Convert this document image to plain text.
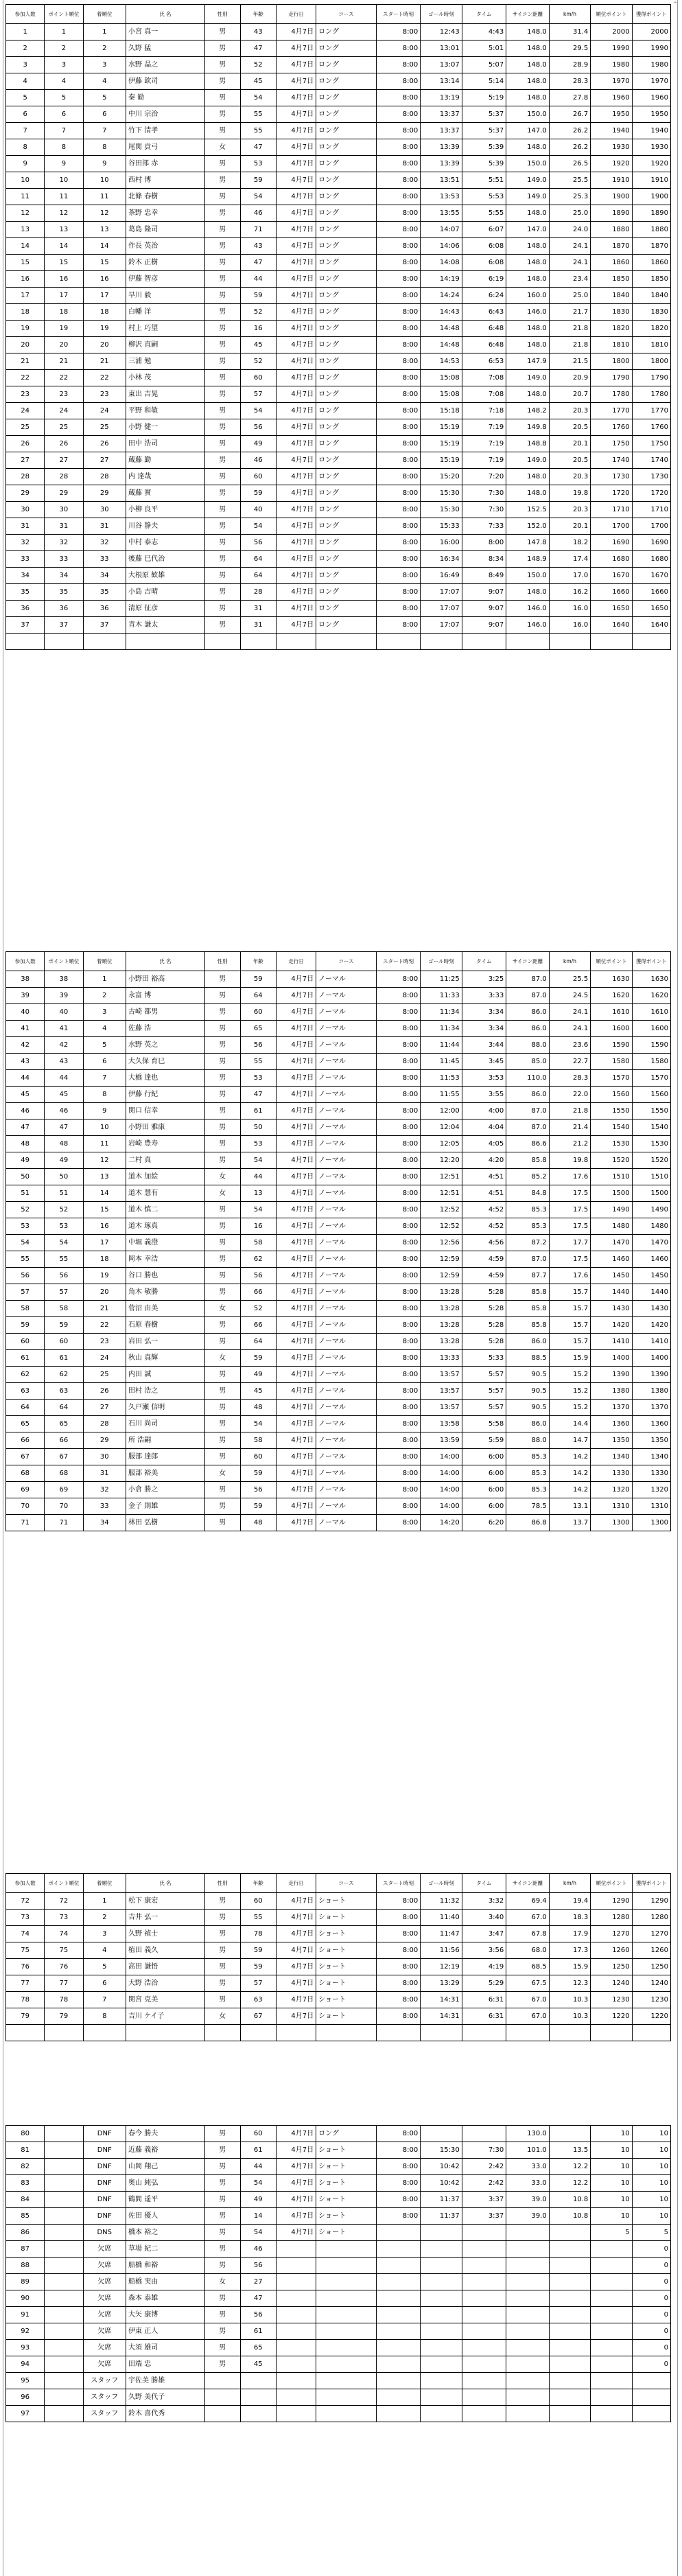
⌃
参加人数	ポイント順位	着順位	氏 名	性別	年齢	走行日	コース	スタート時刻	ゴール時刻	タイム	サイコン距離	km/h	順位ポイント	獲得ポイント
1	1	1	小宮 真一	男	43	4月7日	ロング	8:00	12:43	4:43	148.0	31.4	2000	2000
2	2	2	久野 猛	男	47	4月7日	ロング	8:00	13:01	5:01	148.0	29.5	1990	1990
3	3	3	水野 晶之	男	52	4月7日	ロング	8:00	13:07	5:07	148.0	28.9	1980	1980
4	4	4	伊藤 欽司	男	45	4月7日	ロング	8:00	13:14	5:14	148.0	28.3	1970	1970
5	5	5	秦 勧	男	54	4月7日	ロング	8:00	13:19	5:19	148.0	27.8	1960	1960
6	6	6	中川 宗治	男	55	4月7日	ロング	8:00	13:37	5:37	150.0	26.7	1950	1950
7	7	7	竹下 清孝	男	55	4月7日	ロング	8:00	13:37	5:37	147.0	26.2	1940	1940
8	8	8	尾関 貢弓	女	47	4月7日	ロング	8:00	13:39	5:39	148.0	26.2	1930	1930
9	9	9	谷田部 赤	男	53	4月7日	ロング	8:00	13:39	5:39	150.0	26.5	1920	1920
10	10	10	西村 博	男	59	4月7日	ロング	8:00	13:51	5:51	149.0	25.5	1910	1910
11	11	11	北條 春樹	男	54	4月7日	ロング	8:00	13:53	5:53	149.0	25.3	1900	1900
12	12	12	茶野 忠幸	男	46	4月7日	ロング	8:00	13:55	5:55	148.0	25.0	1890	1890
13	13	13	葛島 隆司	男	71	4月7日	ロング	8:00	14:07	6:07	147.0	24.0	1880	1880
14	14	14	作長 英治	男	43	4月7日	ロング	8:00	14:06	6:08	148.0	24.1	1870	1870
15	15	15	鈴木 正樹	男	47	4月7日	ロング	8:00	14:08	6:08	148.0	24.1	1860	1860
16	16	16	伊藤 智彦	男	44	4月7日	ロング	8:00	14:19	6:19	148.0	23.4	1850	1850
17	17	17	早川 毅	男	59	4月7日	ロング	8:00	14:24	6:24	160.0	25.0	1840	1840
18	18	18	白幡 洋	男	52	4月7日	ロング	8:00	14:43	6:43	146.0	21.7	1830	1830
19	19	19	村上 巧望	男	16	4月7日	ロング	8:00	14:48	6:48	148.0	21.8	1820	1820
20	20	20	柳沢 直嗣	男	45	4月7日	ロング	8:00	14:48	6:48	148.0	21.8	1810	1810
21	21	21	三浦 勉	男	52	4月7日	ロング	8:00	14:53	6:53	147.9	21.5	1800	1800
22	22	22	小林 茂	男	60	4月7日	ロング	8:00	15:08	7:08	149.0	20.9	1790	1790
23	23	23	東出 吉晃	男	57	4月7日	ロング	8:00	15:08	7:08	148.0	20.7	1780	1780
24	24	24	平野 和敏	男	54	4月7日	ロング	8:00	15:18	7:18	148.2	20.3	1770	1770
25	25	25	小野 健一	男	56	4月7日	ロング	8:00	15:19	7:19	149.8	20.5	1760	1760
26	26	26	田中 浩司	男	49	4月7日	ロング	8:00	15:19	7:19	148.8	20.1	1750	1750
27	27	27	蔵藤 勤	男	46	4月7日	ロング	8:00	15:19	7:19	149.0	20.5	1740	1740
28	28	28	内 達哉	男	60	4月7日	ロング	8:00	15:20	7:20	148.0	20.3	1730	1730
29	29	29	蔵藤 實	男	59	4月7日	ロング	8:00	15:30	7:30	148.0	19.8	1720	1720
30	30	30	小柳 良平	男	40	4月7日	ロング	8:00	15:30	7:30	152.5	20.3	1710	1710
31	31	31	川谷 静夫	男	54	4月7日	ロング	8:00	15:33	7:33	152.0	20.1	1700	1700
32	32	32	中村 泰志	男	56	4月7日	ロング	8:00	16:00	8:00	147.8	18.2	1690	1690
33	33	33	後藤 巳代治	男	64	4月7日	ロング	8:00	16:34	8:34	148.9	17.4	1680	1680
34	34	34	大根原 歓雄	男	64	4月7日	ロング	8:00	16:49	8:49	150.0	17.0	1670	1670
35	35	35	小島 吉晴	男	28	4月7日	ロング	8:00	17:07	9:07	148.0	16.2	1660	1660
36	36	36	清原 征彦	男	31	4月7日	ロング	8:00	17:07	9:07	146.0	16.0	1650	1650
37	37	37	青木 謙太	男	31	4月7日	ロング	8:00	17:07	9:07	146.0	16.0	1640	1640

参加人数	ポイント順位	着順位	氏 名	性別	年齢	走行日	コース	スタート時刻	ゴール時刻	タイム	サイコン距離	km/h	順位ポイント	獲得ポイント
38	38	1	小野田 裕高	男	59	4月7日	ノーマル	8:00	11:25	3:25	87.0	25.5	1630	1630
39	39	2	永富 博	男	64	4月7日	ノーマル	8:00	11:33	3:33	87.0	24.5	1620	1620
40	40	3	古崎 都男	男	60	4月7日	ノーマル	8:00	11:34	3:34	86.0	24.1	1610	1610
41	41	4	佐藤 浩	男	65	4月7日	ノーマル	8:00	11:34	3:34	86.0	24.1	1600	1600
42	42	5	水野 英之	男	56	4月7日	ノーマル	8:00	11:44	3:44	88.0	23.6	1590	1590
43	43	6	大久保 育巳	男	55	4月7日	ノーマル	8:00	11:45	3:45	85.0	22.7	1580	1580
44	44	7	大橋 達也	男	53	4月7日	ノーマル	8:00	11:53	3:53	110.0	28.3	1570	1570
45	45	8	伊藤 行紀	男	47	4月7日	ノーマル	8:00	11:55	3:55	86.0	22.0	1560	1560
46	46	9	関口 信幸	男	61	4月7日	ノーマル	8:00	12:00	4:00	87.0	21.8	1550	1550
47	47	10	小野田 雅康	男	50	4月7日	ノーマル	8:00	12:04	4:04	87.0	21.4	1540	1540
48	48	11	岩崎 豊寿	男	53	4月7日	ノーマル	8:00	12:05	4:05	86.6	21.2	1530	1530
49	49	12	二村 真	男	54	4月7日	ノーマル	8:00	12:20	4:20	85.8	19.8	1520	1520
50	50	13	道木 加絵	女	44	4月7日	ノーマル	8:00	12:51	4:51	85.2	17.6	1510	1510
51	51	14	道木 慧有	女	13	4月7日	ノーマル	8:00	12:51	4:51	84.8	17.5	1500	1500
52	52	15	道木 慎二	男	54	4月7日	ノーマル	8:00	12:52	4:52	85.3	17.5	1490	1490
53	53	16	道木 琢真	男	16	4月7日	ノーマル	8:00	12:52	4:52	85.3	17.5	1480	1480
54	54	17	中堀 義澄	男	58	4月7日	ノーマル	8:00	12:56	4:56	87.2	17.7	1470	1470
55	55	18	岡本 幸浩	男	62	4月7日	ノーマル	8:00	12:59	4:59	87.0	17.5	1460	1460
56	56	19	谷口 勝也	男	56	4月7日	ノーマル	8:00	12:59	4:59	87.7	17.6	1450	1450
57	57	20	角木 敏勝	男	66	4月7日	ノーマル	8:00	13:28	5:28	85.8	15.7	1440	1440
58	58	21	菅沼 由美	女	52	4月7日	ノーマル	8:00	13:28	5:28	85.8	15.7	1430	1430
59	59	22	石原 春樹	男	66	4月7日	ノーマル	8:00	13:28	5:28	85.8	15.7	1420	1420
60	60	23	岩田 弘一	男	64	4月7日	ノーマル	8:00	13:28	5:28	86.0	15.7	1410	1410
61	61	24	秋山 真輝	女	59	4月7日	ノーマル	8:00	13:33	5:33	88.5	15.9	1400	1400
62	62	25	内田 誠	男	49	4月7日	ノーマル	8:00	13:57	5:57	90.5	15.2	1390	1390
63	63	26	田村 浩之	男	45	4月7日	ノーマル	8:00	13:57	5:57	90.5	15.2	1380	1380
64	64	27	久戸瀬 信明	男	48	4月7日	ノーマル	8:00	13:57	5:57	90.5	15.2	1370	1370
65	65	28	石川 尚司	男	54	4月7日	ノーマル	8:00	13:58	5:58	86.0	14.4	1360	1360
66	66	29	所 浩嗣	男	58	4月7日	ノーマル	8:00	13:59	5:59	88.0	14.7	1350	1350
67	67	30	服部 達郎	男	60	4月7日	ノーマル	8:00	14:00	6:00	85.3	14.2	1340	1340
68	68	31	服部 裕美	女	59	4月7日	ノーマル	8:00	14:00	6:00	85.3	14.2	1330	1330
69	69	32	小倉 勝之	男	56	4月7日	ノーマル	8:00	14:00	6:00	85.3	14.2	1320	1320
70	70	33	金子 則雄	男	59	4月7日	ノーマル	8:00	14:00	6:00	78.5	13.1	1310	1310
71	71	34	林田 弘樹	男	48	4月7日	ノーマル	8:00	14:20	6:20	86.8	13.7	1300	1300
参加人数	ポイント順位	着順位	氏 名	性別	年齢	走行日	コース	スタート時刻	ゴール時刻	タイム	サイコン距離	km/h	順位ポイント	獲得ポイント
72	72	1	松下 康宏	男	60	4月7日	ショート	8:00	11:32	3:32	69.4	19.4	1290	1290
73	73	2	吉井 弘一	男	55	4月7日	ショート	8:00	11:40	3:40	67.0	18.3	1280	1280
74	74	3	久野 禎士	男	78	4月7日	ショート	8:00	11:47	3:47	67.8	17.9	1270	1270
75	75	4	植田 義久	男	59	4月7日	ショート	8:00	11:56	3:56	68.0	17.3	1260	1260
76	76	5	高田 謙悟	男	59	4月7日	ショート	8:00	12:19	4:19	68.5	15.9	1250	1250
77	77	6	大野 浩治	男	57	4月7日	ショート	8:00	13:29	5:29	67.5	12.3	1240	1240
78	78	7	関宮 克美	男	63	4月7日	ショート	8:00	14:31	6:31	67.0	10.3	1230	1230
79	79	8	吉川 ケイ子	女	67	4月7日	ショート	8:00	14:31	6:31	67.0	10.3	1220	1220

80		DNF	春今 勝夫	男	60	4月7日	ロング	8:00			130.0		10	10
81		DNF	近藤 義裕	男	61	4月7日	ショート	8:00	15:30	7:30	101.0	13.5	10	10
82		DNF	山岡 翔己	男	44	4月7日	ショート	8:00	10:42	2:42	33.0	12.2	10	10
83		DNF	奥山 純弘	男	54	4月7日	ショート	8:00	10:42	2:42	33.0	12.2	10	10
84		DNF	鶴間 遥平	男	49	4月7日	ショート	8:00	11:37	3:37	39.0	10.8	10	10
85		DNF	佐田 優人	男	14	4月7日	ショート	8:00	11:37	3:37	39.0	10.8	10	10
86		DNS	橋本 裕之	男	54	4月7日	ショート						5	5
87		欠席	草場 紀二	男	46									0
88		欠席	船橋 和裕	男	56									0
89		欠席	船橋 実由	女	27									0
90		欠席	森本 泰雄	男	47									0
91		欠席	大矢 康博	男	56									0
92		欠席	伊東 正人	男	61									0
93		欠席	大須 雄司	男	65									0
94		欠席	田端 忠	男	45									0
95		スタッフ	宇佐美 勝雄											
96		スタッフ	久野 美代子											
97		スタッフ	鈴木 喜代秀											
